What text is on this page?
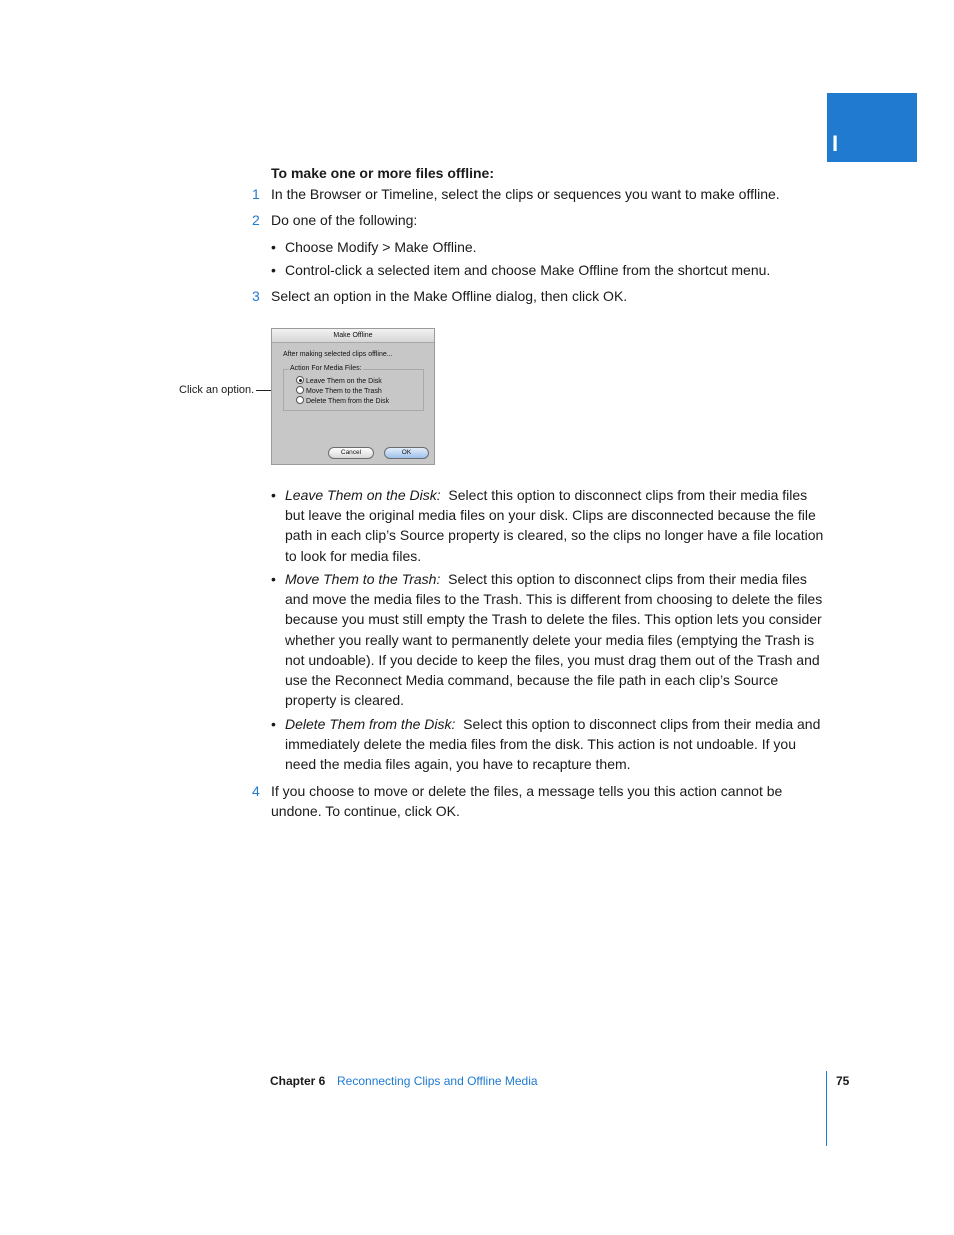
I
To make one or more files offline:
1 In the Browser or Timeline, select the clips or sequences you want to make offline.
2 Do one of the following:
• Choose Modify > Make Offline.
• Control-click a selected item and choose Make Offline from the shortcut menu.
3 Select an option in the Make Offline dialog, then click OK.
Click an option.
Make Offline
After making selected clips offline...
Action For Media Files:
Leave Them on the Disk
Move Them to the Trash
Delete Them from the Disk
Cancel	OK
• Leave Them on the Disk: Select this option to disconnect clips from their media files but leave the original media files on your disk. Clips are disconnected because the file path in each clip’s Source property is cleared, so the clips no longer have a file location to look for media files.
• Move Them to the Trash: Select this option to disconnect clips from their media files and move the media files to the Trash. This is different from choosing to delete the files because you must still empty the Trash to delete the files. This option lets you consider whether you really want to permanently delete your media files (emptying the Trash is not undoable). If you decide to keep the files, you must drag them out of the Trash and use the Reconnect Media command, because the file path in each clip’s Source property is cleared.
• Delete Them from the Disk: Select this option to disconnect clips from their media and immediately delete the media files from the disk. This action is not undoable. If you need the media files again, you have to recapture them.
4 If you choose to move or delete the files, a message tells you this action cannot be undone. To continue, click OK.
Chapter 6 Reconnecting Clips and Offline Media	75
